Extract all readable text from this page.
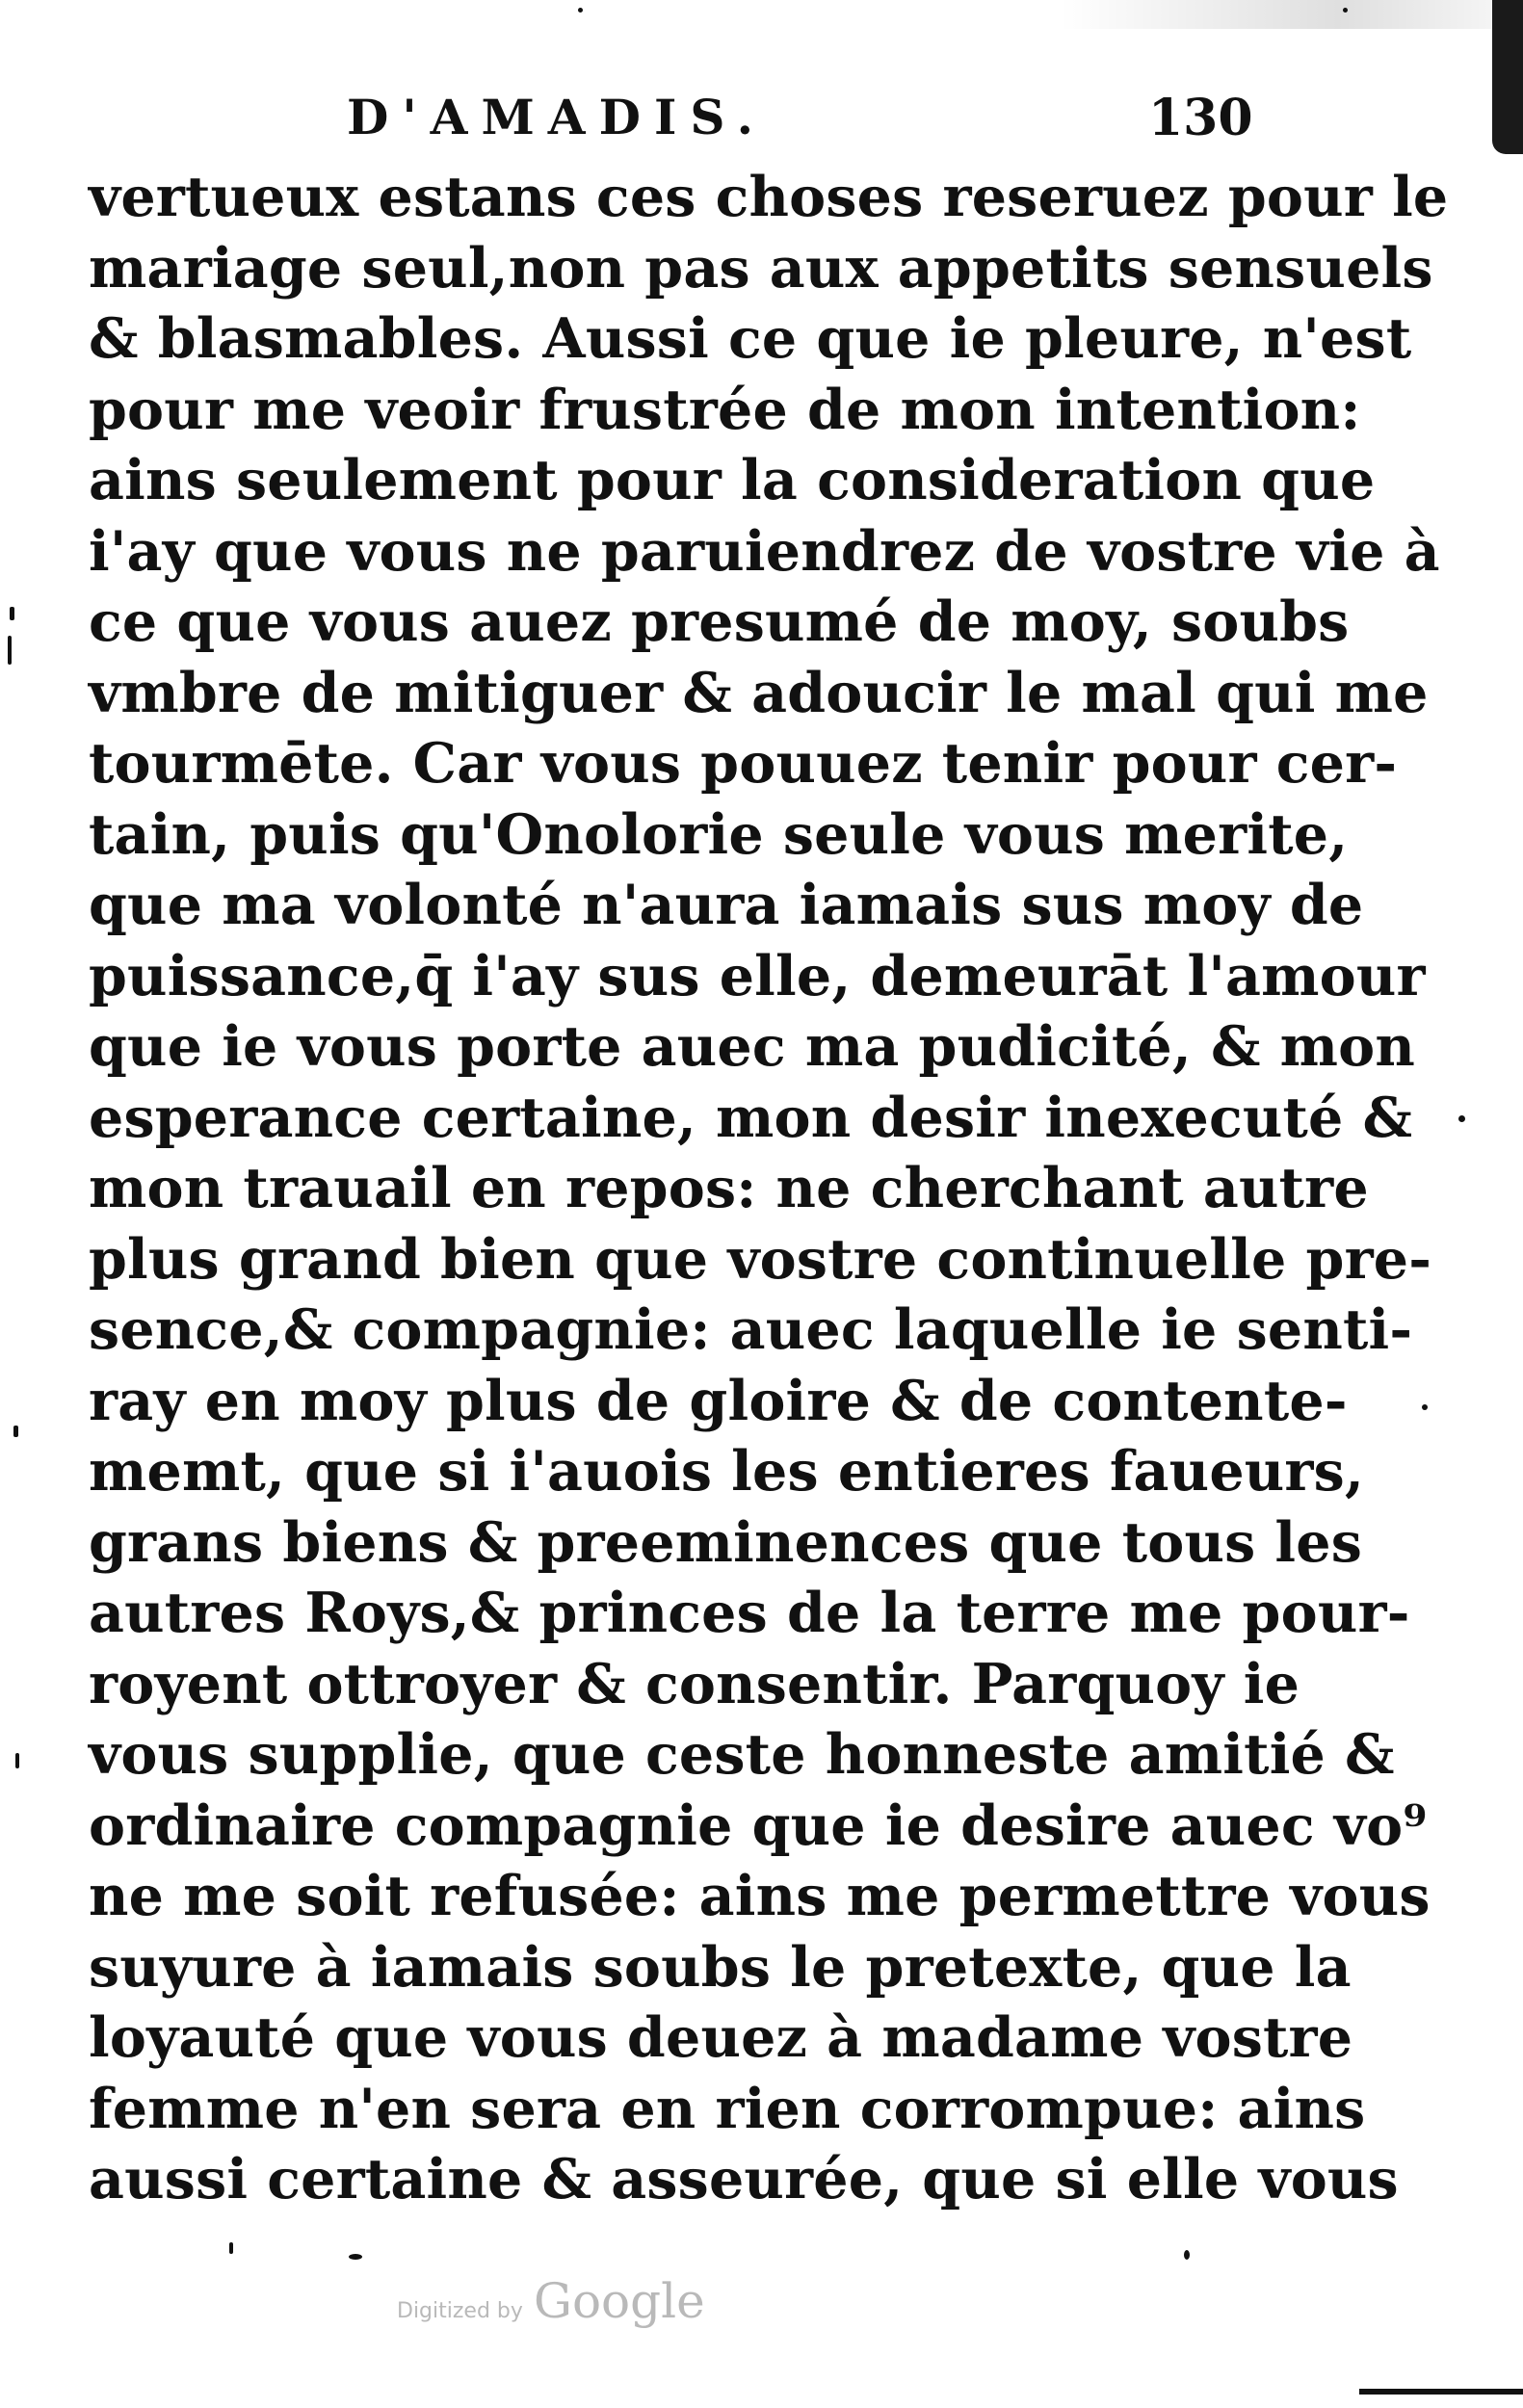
D'AMADIS.	130
vertueux estans ces choses reseruez pour le
mariage seul,non pas aux appetits sensuels
& blasmables. Aussi ce que ie pleure, n'est
pour me veoir frustrée de mon intention:
ains seulement pour la consideration que
i'ay que vous ne paruiendrez de vostre vie à
ce que vous auez presumé de moy, soubs
vmbre de mitiguer & adoucir le mal qui me
tourmēte. Car vous pouuez tenir pour cer-
tain, puis qu'Onolorie seule vous merite,
que ma volonté n'aura iamais sus moy de
puissance,q̄ i'ay sus elle, demeurāt l'amour
que ie vous porte auec ma pudicité, & mon
esperance certaine, mon desir inexecuté &
mon trauail en repos: ne cherchant autre
plus grand bien que vostre continuelle pre-
sence,& compagnie: auec laquelle ie senti-
ray en moy plus de gloire & de contente-
memt, que si i'auois les entieres faueurs,
grans biens & preeminences que tous les
autres Roys,& princes de la terre me pour-
royent ottroyer & consentir. Parquoy ie
vous supplie, que ceste honneste amitié &
ordinaire compagnie que ie desire auec vo⁹
ne me soit refusée: ains me permettre vous
suyure à iamais soubs le pretexte, que la
loyauté que vous deuez à madame vostre
femme n'en sera en rien corrompue: ains
aussi certaine & asseurée, que si elle vous
Digitized by Google
